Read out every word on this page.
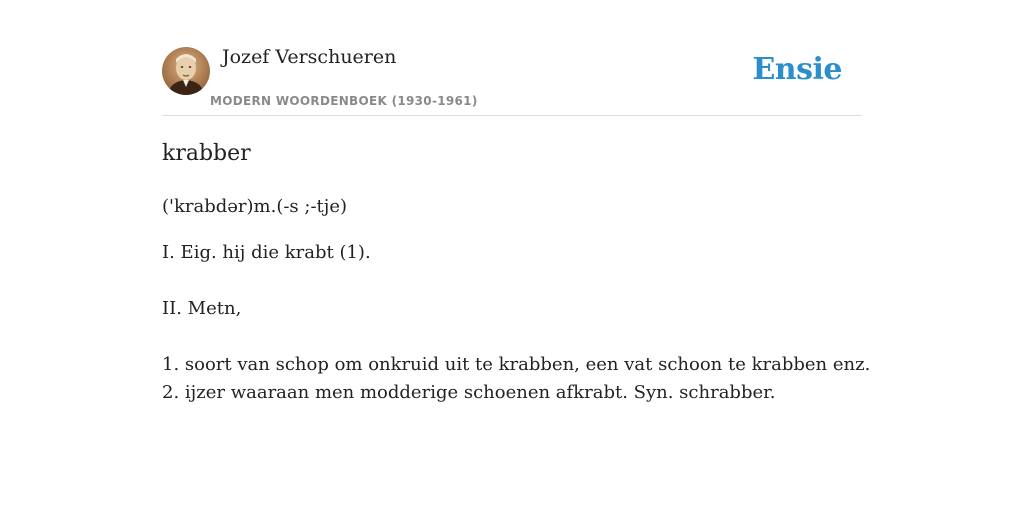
Jozef Verschueren
MODERN WOORDENBOEK (1930-1961)
Ensie
krabber

('krabdər)m.(-s ;-tje)

I. Eig. hij die krabt (1).

II. Metn,

1. soort van schop om onkruid uit te krabben, een vat schoon te krabben enz.

2. ijzer waaraan men modderige schoenen afkrabt. Syn. schrabber.
